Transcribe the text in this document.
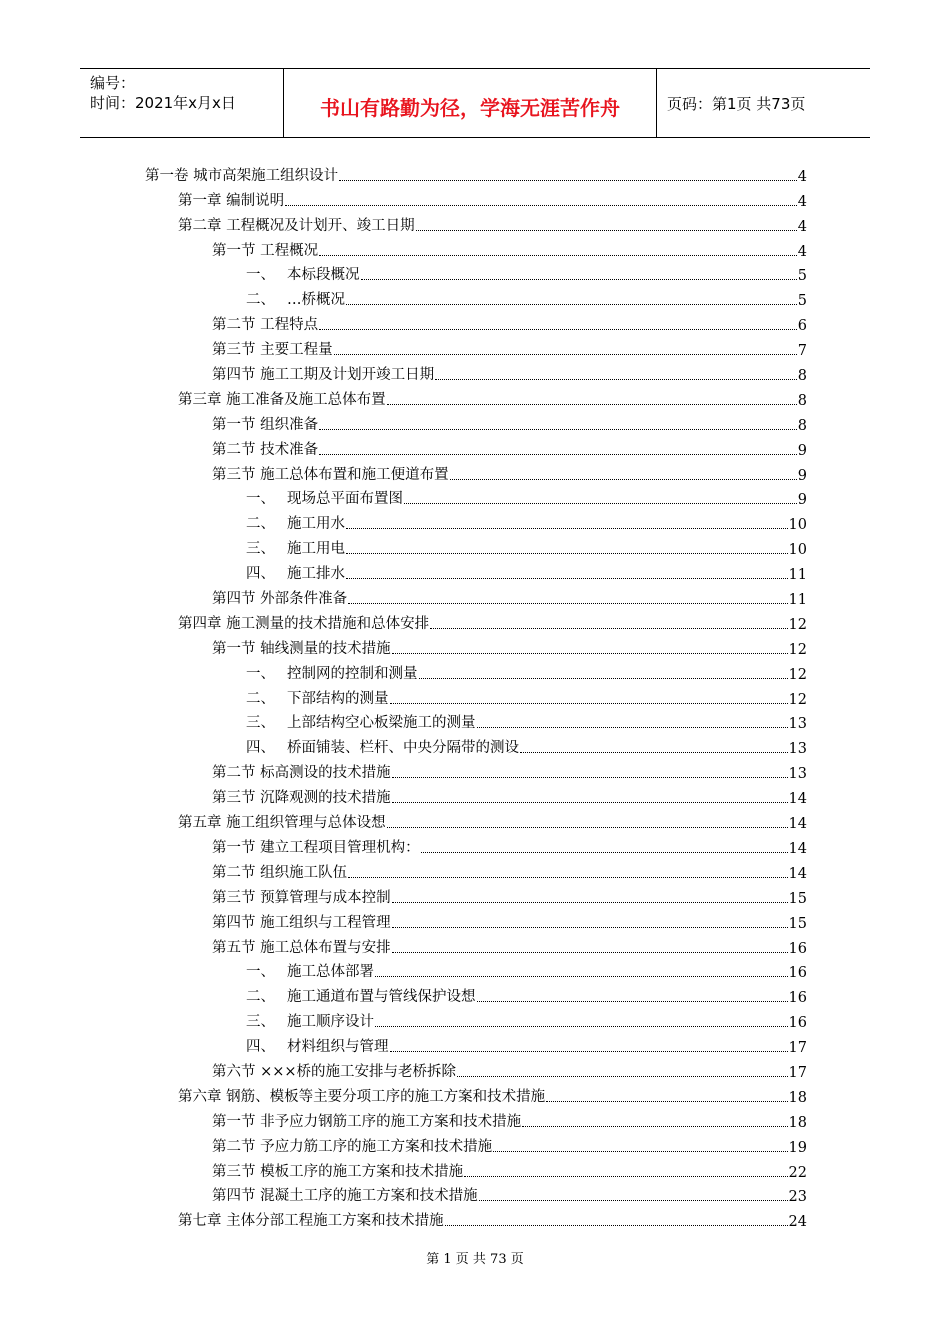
编号：
时间：2021年x月x日	书山有路勤为径，学海无涯苦作舟	页码：第1页 共73页
第一卷 城市高架施工组织设计	4
第一章 编制说明	4
第二章 工程概况及计划开、竣工日期	4
第一节 工程概况	4
一、 本标段概况	5
二、 …桥概况	5
第二节 工程特点	6
第三节 主要工程量	7
第四节 施工工期及计划开竣工日期	8
第三章 施工准备及施工总体布置	8
第一节 组织准备	8
第二节 技术准备	9
第三节 施工总体布置和施工便道布置	9
一、 现场总平面布置图	9
二、 施工用水	10
三、 施工用电	10
四、 施工排水	11
第四节 外部条件准备	11
第四章 施工测量的技术措施和总体安排	12
第一节 轴线测量的技术措施	12
一、 控制网的控制和测量	12
二、 下部结构的测量	12
三、 上部结构空心板梁施工的测量	13
四、 桥面铺装、栏杆、中央分隔带的测设	13
第二节 标高测设的技术措施	13
第三节 沉降观测的技术措施	14
第五章 施工组织管理与总体设想	14
第一节 建立工程项目管理机构：	14
第二节 组织施工队伍	14
第三节 预算管理与成本控制	15
第四节 施工组织与工程管理	15
第五节 施工总体布置与安排	16
一、 施工总体部署	16
二、 施工通道布置与管线保护设想	16
三、 施工顺序设计	16
四、 材料组织与管理	17
第六节 ×××桥的施工安排与老桥拆除	17
第六章 钢筋、模板等主要分项工序的施工方案和技术措施	18
第一节 非予应力钢筋工序的施工方案和技术措施	18
第二节 予应力筋工序的施工方案和技术措施	19
第三节 模板工序的施工方案和技术措施	22
第四节 混凝土工序的施工方案和技术措施	23
第七章 主体分部工程施工方案和技术措施	24
第 1 页 共 73 页
